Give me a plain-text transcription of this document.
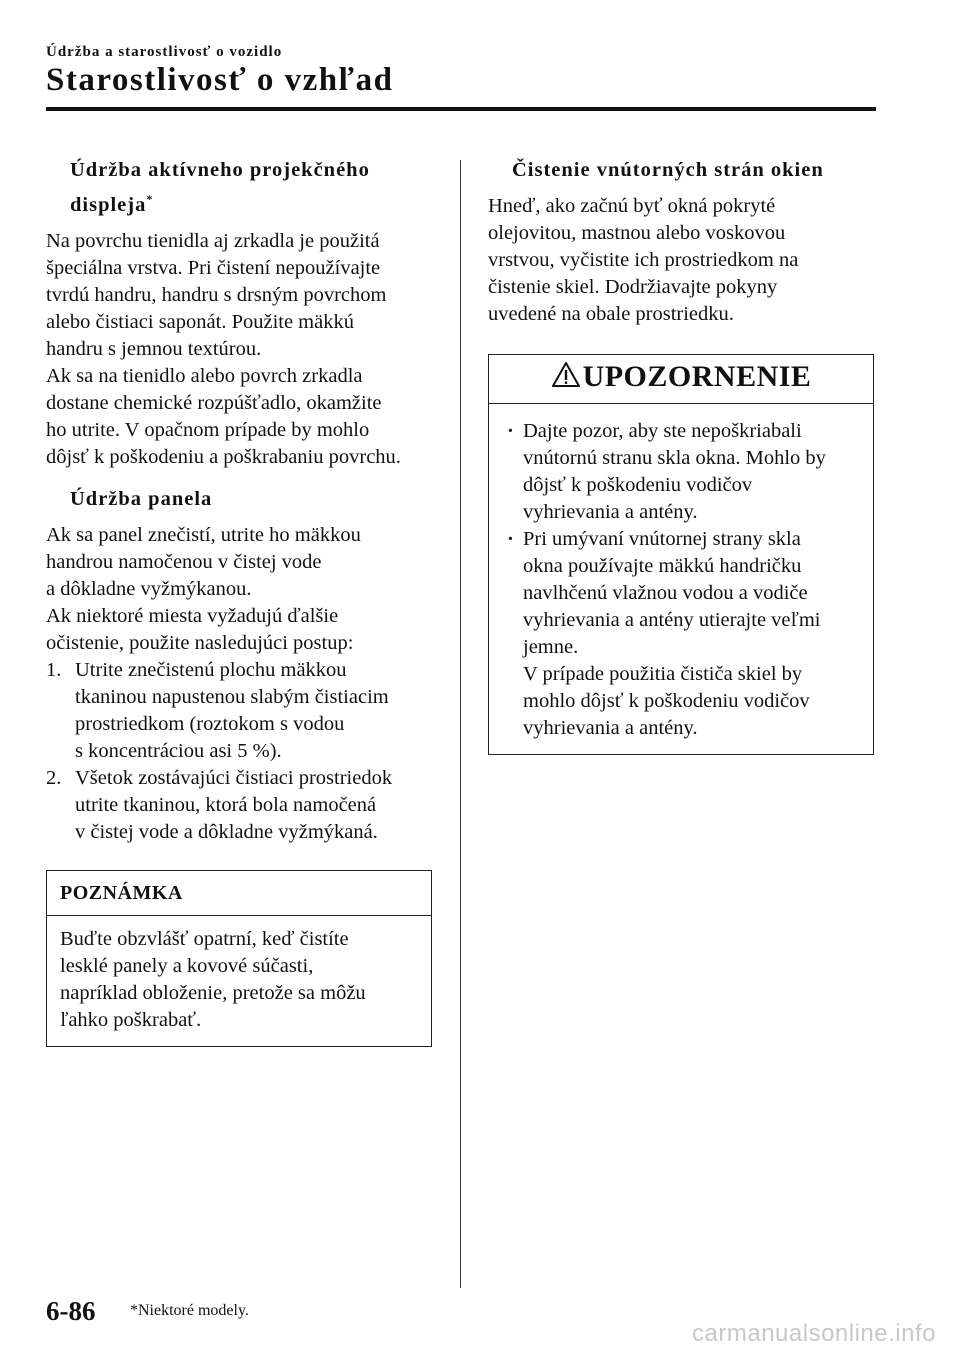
Údržba a starostlivosť o vozidlo
Starostlivosť o vzhľad
Údržba aktívneho projekčného
displeja*

Na povrchu tienidla aj zrkadla je použitá
špeciálna vrstva. Pri čistení nepoužívajte
tvrdú handru, handru s drsným povrchom
alebo čistiaci saponát. Použite mäkkú
handru s jemnou textúrou.
Ak sa na tienidlo alebo povrch zrkadla
dostane chemické rozpúšťadlo, okamžite
ho utrite. V opačnom prípade by mohlo
dôjsť k poškodeniu a poškrabaniu povrchu.

Údržba panela

Ak sa panel znečistí, utrite ho mäkkou
handrou namočenou v čistej vode
a dôkladne vyžmýkanou.
Ak niektoré miesta vyžadujú ďalšie
očistenie, použite nasledujúci postup:

1. Utrite znečistenú plochu mäkkou
tkaninou napustenou slabým čistiacim
prostriedkom (roztokom s vodou
s koncentráciou asi 5 %).
2. Všetok zostávajúci čistiaci prostriedok
utrite tkaninou, ktorá bola namočená
v čistej vode a dôkladne vyžmýkaná.
POZNÁMKA
Buďte obzvlášť opatrní, keď čistíte
lesklé panely a kovové súčasti,
napríklad obloženie, pretože sa môžu
ľahko poškrabať.
Čistenie vnútorných strán okien

Hneď, ako začnú byť okná pokryté
olejovitou, mastnou alebo voskovou
vrstvou, vyčistite ich prostriedkom na
čistenie skiel. Dodržiavajte pokyny
uvedené na obale prostriedku.

UPOZORNENIE
· Dajte pozor, aby ste nepoškriabali
vnútornú stranu skla okna. Mohlo by
dôjsť k poškodeniu vodičov
vyhrievania a antény.
· Pri umývaní vnútornej strany skla
okna používajte mäkkú handričku
navlhčenú vlažnou vodou a vodiče
vyhrievania a antény utierajte veľmi
jemne.
V prípade použitia čističa skiel by
mohlo dôjsť k poškodeniu vodičov
vyhrievania a antény.
6-86 *Niektoré modely.
carmanualsonline.info
